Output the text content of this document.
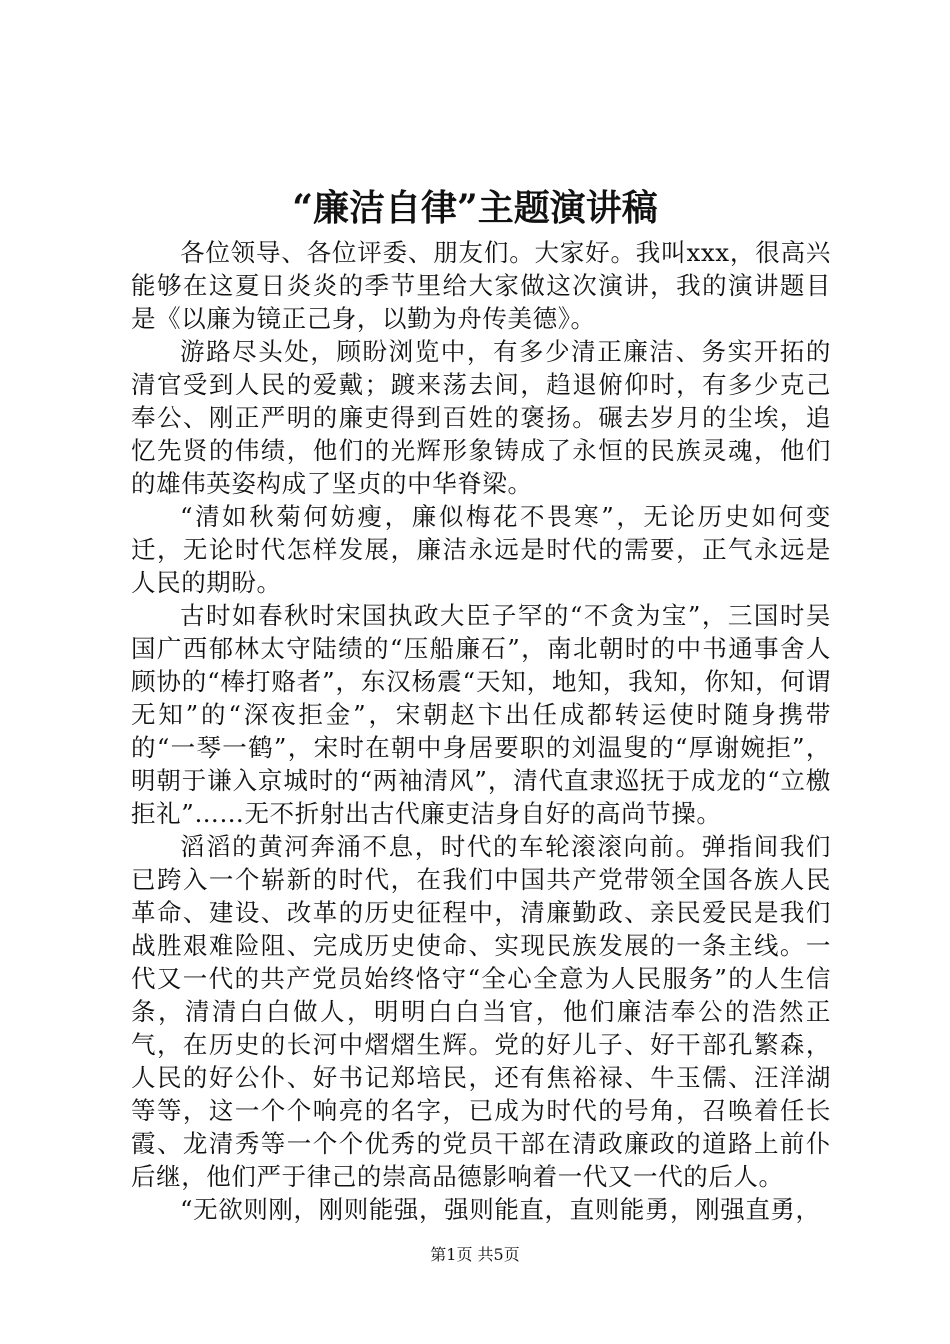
“廉洁自律”主题演讲稿

各位领导、各位评委、朋友们。大家好。我叫xxx，很高兴能够在这夏日炎炎的季节里给大家做这次演讲，我的演讲题目是《以廉为镜正己身，以勤为舟传美德》。

游路尽头处，顾盼浏览中，有多少清正廉洁、务实开拓的清官受到人民的爱戴；踱来荡去间，趋退俯仰时，有多少克己奉公、刚正严明的廉吏得到百姓的褒扬。碾去岁月的尘埃，追忆先贤的伟绩，他们的光辉形象铸成了永恒的民族灵魂，他们的雄伟英姿构成了坚贞的中华脊梁。

“清如秋菊何妨瘦，廉似梅花不畏寒”，无论历史如何变迁，无论时代怎样发展，廉洁永远是时代的需要，正气永远是人民的期盼。

古时如春秋时宋国执政大臣子罕的“不贪为宝”，三国时吴国广西郁林太守陆绩的“压船廉石”，南北朝时的中书通事舍人顾协的“棒打赂者”，东汉杨震“天知，地知，我知，你知，何谓无知”的“深夜拒金”，宋朝赵卞出任成都转运使时随身携带的“一琴一鹤”，宋时在朝中身居要职的刘温叟的“厚谢婉拒”，明朝于谦入京城时的“两袖清风”，清代直隶巡抚于成龙的“立檄拒礼”……无不折射出古代廉吏洁身自好的高尚节操。

滔滔的黄河奔涌不息，时代的车轮滚滚向前。弹指间我们已跨入一个崭新的时代，在我们中国共产党带领全国各族人民革命、建设、改革的历史征程中，清廉勤政、亲民爱民是我们战胜艰难险阻、完成历史使命、实现民族发展的一条主线。一代又一代的共产党员始终恪守“全心全意为人民服务”的人生信条，清清白白做人，明明白白当官，他们廉洁奉公的浩然正气，在历史的长河中熠熠生辉。党的好儿子、好干部孔繁森，人民的好公仆、好书记郑培民，还有焦裕禄、牛玉儒、汪洋湖等等，这一个个响亮的名字，已成为时代的号角，召唤着任长霞、龙清秀等一个个优秀的党员干部在清政廉政的道路上前仆后继，他们严于律己的崇高品德影响着一代又一代的后人。

“无欲则刚，刚则能强，强则能直，直则能勇，刚强直勇，

第1页 共5页
